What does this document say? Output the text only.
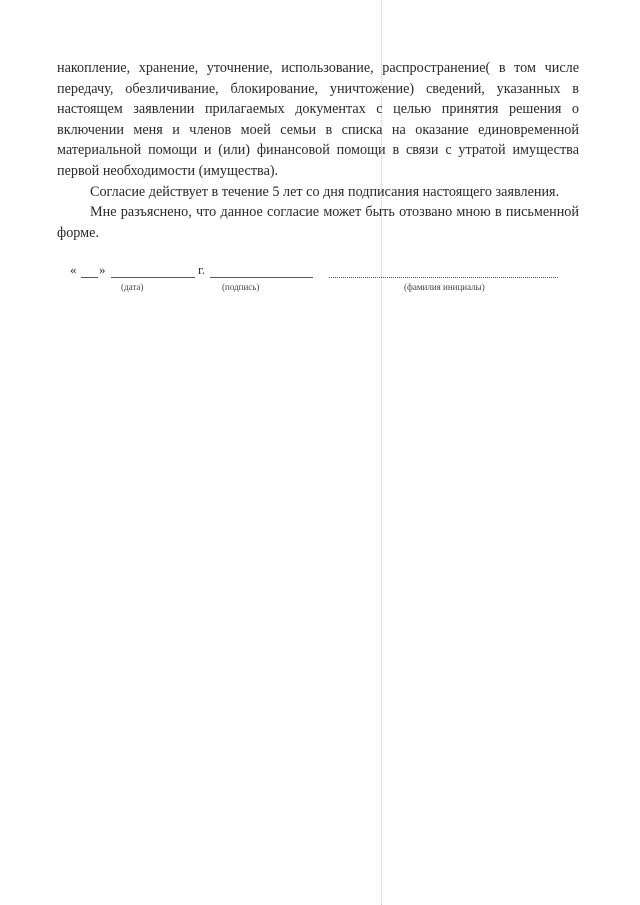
накопление, хранение, уточнение, использование, распространение( в том числе передачу, обезличивание, блокирование, уничтожение) сведений, указанных в настоящем заявлении прилагаемых документах с целью принятия решения о включении меня и членов моей семьи в списка на оказание единовременной материальной помощи и (или) финансовой помощи в связи с утратой имущества первой необходимости (имущества).

Согласие действует в течение 5 лет со дня подписания настоящего заявления.

Мне разъяснено, что данное согласие может быть отозвано мною в письменной форме.

« »	г.
(дата)	(подпись)	(фамилия инициалы)
